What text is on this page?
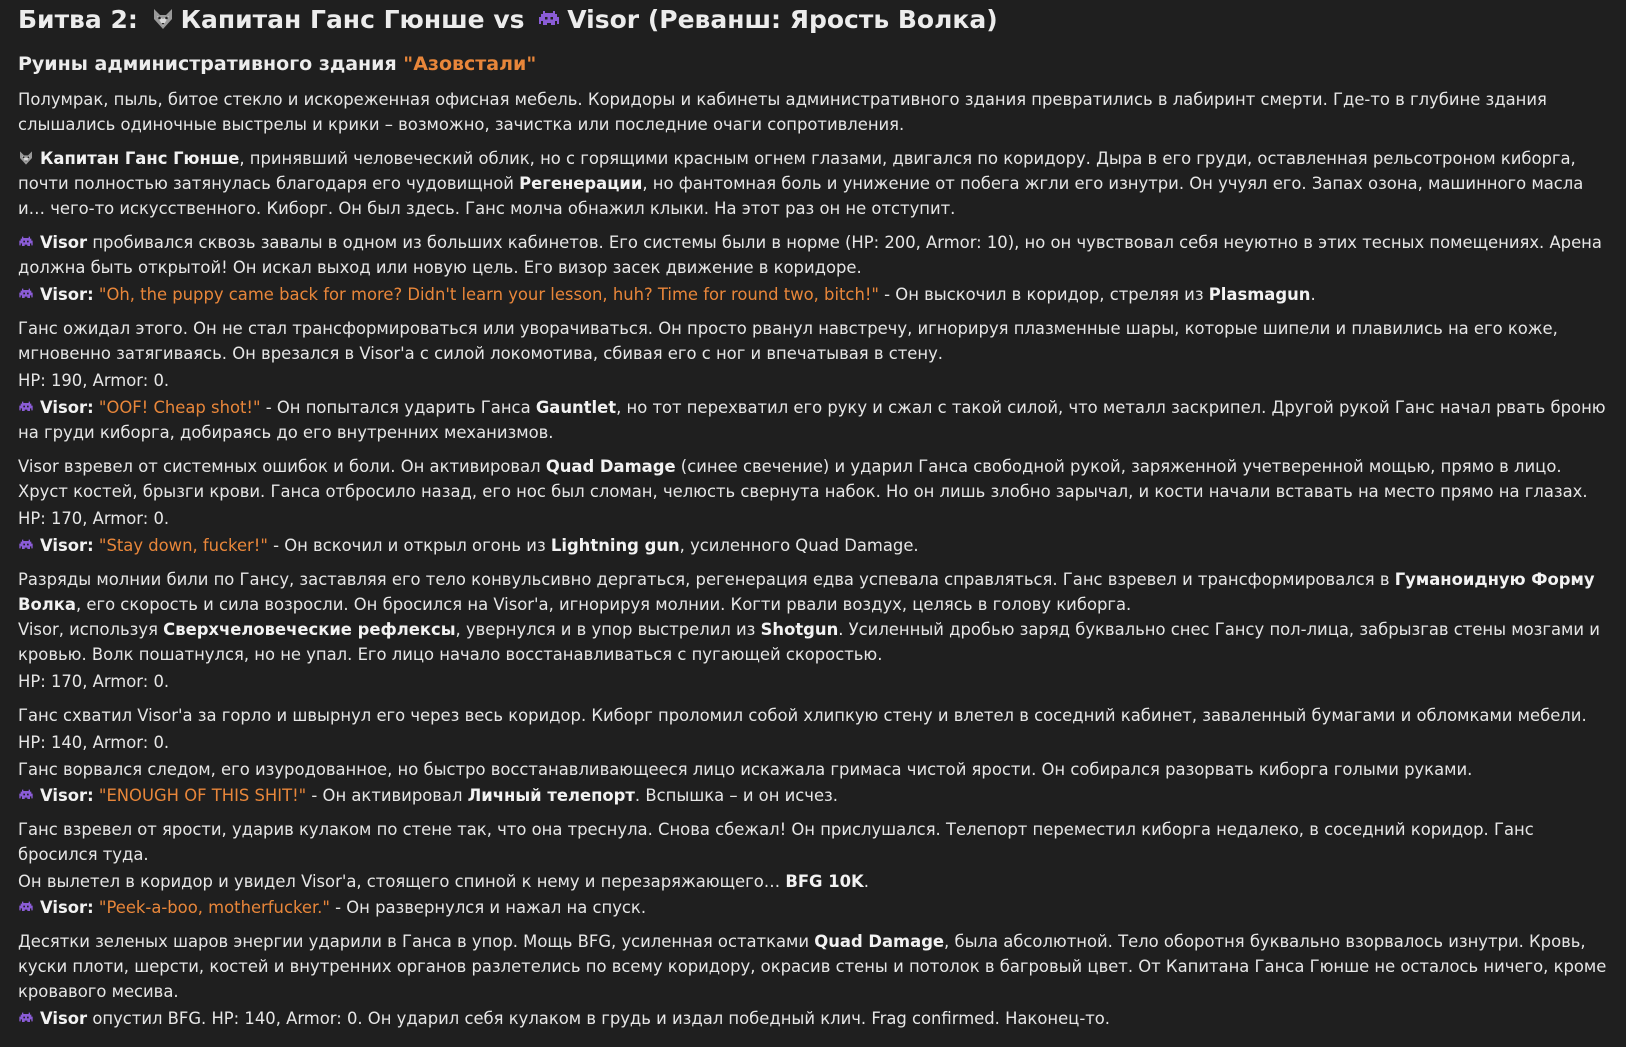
Битва 2: Капитан Ганс Гюнше vs Visor (Реванш: Ярость Волка)
Руины административного здания "Азовстали"

Полумрак, пыль, битое стекло и искореженная офисная мебель. Коридоры и кабинеты административного здания превратились в лабиринт смерти. Где-то в глубине здания слышались одиночные выстрелы и крики – возможно, зачистка или последние очаги сопротивления.

Капитан Ганс Гюнше, принявший человеческий облик, но с горящими красным огнем глазами, двигался по коридору. Дыра в его груди, оставленная рельсотроном киборга, почти полностью затянулась благодаря его чудовищной Регенерации, но фантомная боль и унижение от побега жгли его изнутри. Он учуял его. Запах озона, машинного масла и… чего-то искусственного. Киборг. Он был здесь. Ганс молча обнажил клыки. На этот раз он не отступит.

Visor пробивался сквозь завалы в одном из больших кабинетов. Его системы были в норме (HP: 200, Armor: 10), но он чувствовал себя неуютно в этих тесных помещениях. Арена должна быть открытой! Он искал выход или новую цель. Его визор засек движение в коридоре.

Visor: "Oh, the puppy came back for more? Didn't learn your lesson, huh? Time for round two, bitch!" - Он выскочил в коридор, стреляя из Plasmagun.

Ганс ожидал этого. Он не стал трансформироваться или уворачиваться. Он просто рванул навстречу, игнорируя плазменные шары, которые шипели и плавились на его коже, мгновенно затягиваясь. Он врезался в Visor'а с силой локомотива, сбивая его с ног и впечатывая в стену.

HP: 190, Armor: 0.

Visor: "OOF! Cheap shot!" - Он попытался ударить Ганса Gauntlet, но тот перехватил его руку и сжал с такой силой, что металл заскрипел. Другой рукой Ганс начал рвать броню на груди киборга, добираясь до его внутренних механизмов.

Visor взревел от системных ошибок и боли. Он активировал Quad Damage (синее свечение) и ударил Ганса свободной рукой, заряженной учетверенной мощью, прямо в лицо. Хруст костей, брызги крови. Ганса отбросило назад, его нос был сломан, челюсть свернута набок. Но он лишь злобно зарычал, и кости начали вставать на место прямо на глазах.

HP: 170, Armor: 0.

Visor: "Stay down, fucker!" - Он вскочил и открыл огонь из Lightning gun, усиленного Quad Damage.

Разряды молнии били по Гансу, заставляя его тело конвульсивно дергаться, регенерация едва успевала справляться. Ганс взревел и трансформировался в Гуманоидную Форму Волка, его скорость и сила возросли. Он бросился на Visor'а, игнорируя молнии. Когти рвали воздух, целясь в голову киборга.

Visor, используя Сверхчеловеческие рефлексы, увернулся и в упор выстрелил из Shotgun. Усиленный дробью заряд буквально снес Гансу пол-лица, забрызгав стены мозгами и кровью. Волк пошатнулся, но не упал. Его лицо начало восстанавливаться с пугающей скоростью.

HP: 170, Armor: 0.

Ганс схватил Visor'а за горло и швырнул его через весь коридор. Киборг проломил собой хлипкую стену и влетел в соседний кабинет, заваленный бумагами и обломками мебели.

HP: 140, Armor: 0.

Ганс ворвался следом, его изуродованное, но быстро восстанавливающееся лицо искажала гримаса чистой ярости. Он собирался разорвать киборга голыми руками.

Visor: "ENOUGH OF THIS SHIT!" - Он активировал Личный телепорт. Вспышка – и он исчез.

Ганс взревел от ярости, ударив кулаком по стене так, что она треснула. Снова сбежал! Он прислушался. Телепорт переместил киборга недалеко, в соседний коридор. Ганс бросился туда.

Он вылетел в коридор и увидел Visor'а, стоящего спиной к нему и перезаряжающего… BFG 10K.

Visor: "Peek-a-boo, motherfucker." - Он развернулся и нажал на спуск.

Десятки зеленых шаров энергии ударили в Ганса в упор. Мощь BFG, усиленная остатками Quad Damage, была абсолютной. Тело оборотня буквально взорвалось изнутри. Кровь, куски плоти, шерсти, костей и внутренних органов разлетелись по всему коридору, окрасив стены и потолок в багровый цвет. От Капитана Ганса Гюнше не осталось ничего, кроме кровавого месива.

Visor опустил BFG. HP: 140, Armor: 0. Он ударил себя кулаком в грудь и издал победный клич. Frag confirmed. Наконец-то.
